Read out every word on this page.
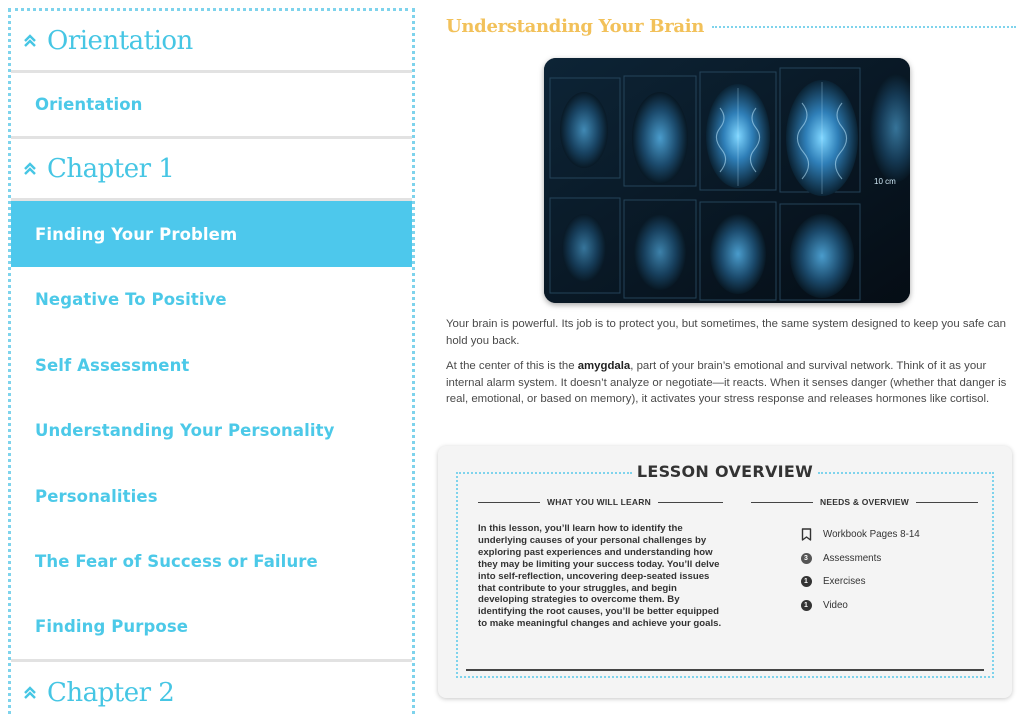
Orientation
Orientation
Chapter 1
Finding Your Problem
Negative To Positive
Self Assessment
Understanding Your Personality
Personalities
The Fear of Success or Failure
Finding Purpose
Chapter 2
Understanding Your Brain
10 cm

Your brain is powerful. Its job is to protect you, but sometimes, the same system designed to keep you safe can hold you back.

At the center of this is the amygdala, part of your brain’s emotional and survival network. Think of it as your internal alarm system. It doesn’t analyze or negotiate—it reacts. When it senses danger (whether that danger is real, emotional, or based on memory), it activates your stress response and releases hormones like cortisol.

LESSON OVERVIEW
WHAT YOU WILL LEARN	NEEDS & OVERVIEW

In this lesson, you’ll learn how to identify the underlying causes of your personal challenges by exploring past experiences and understanding how they may be limiting your success today. You’ll delve into self-reflection, uncovering deep-seated issues that contribute to your struggles, and begin developing strategies to overcome them. By identifying the root causes, you’ll be better equipped to make meaningful changes and achieve your goals.

Workbook Pages 8-14
3	Assessments
1	Exercises
1	Video
